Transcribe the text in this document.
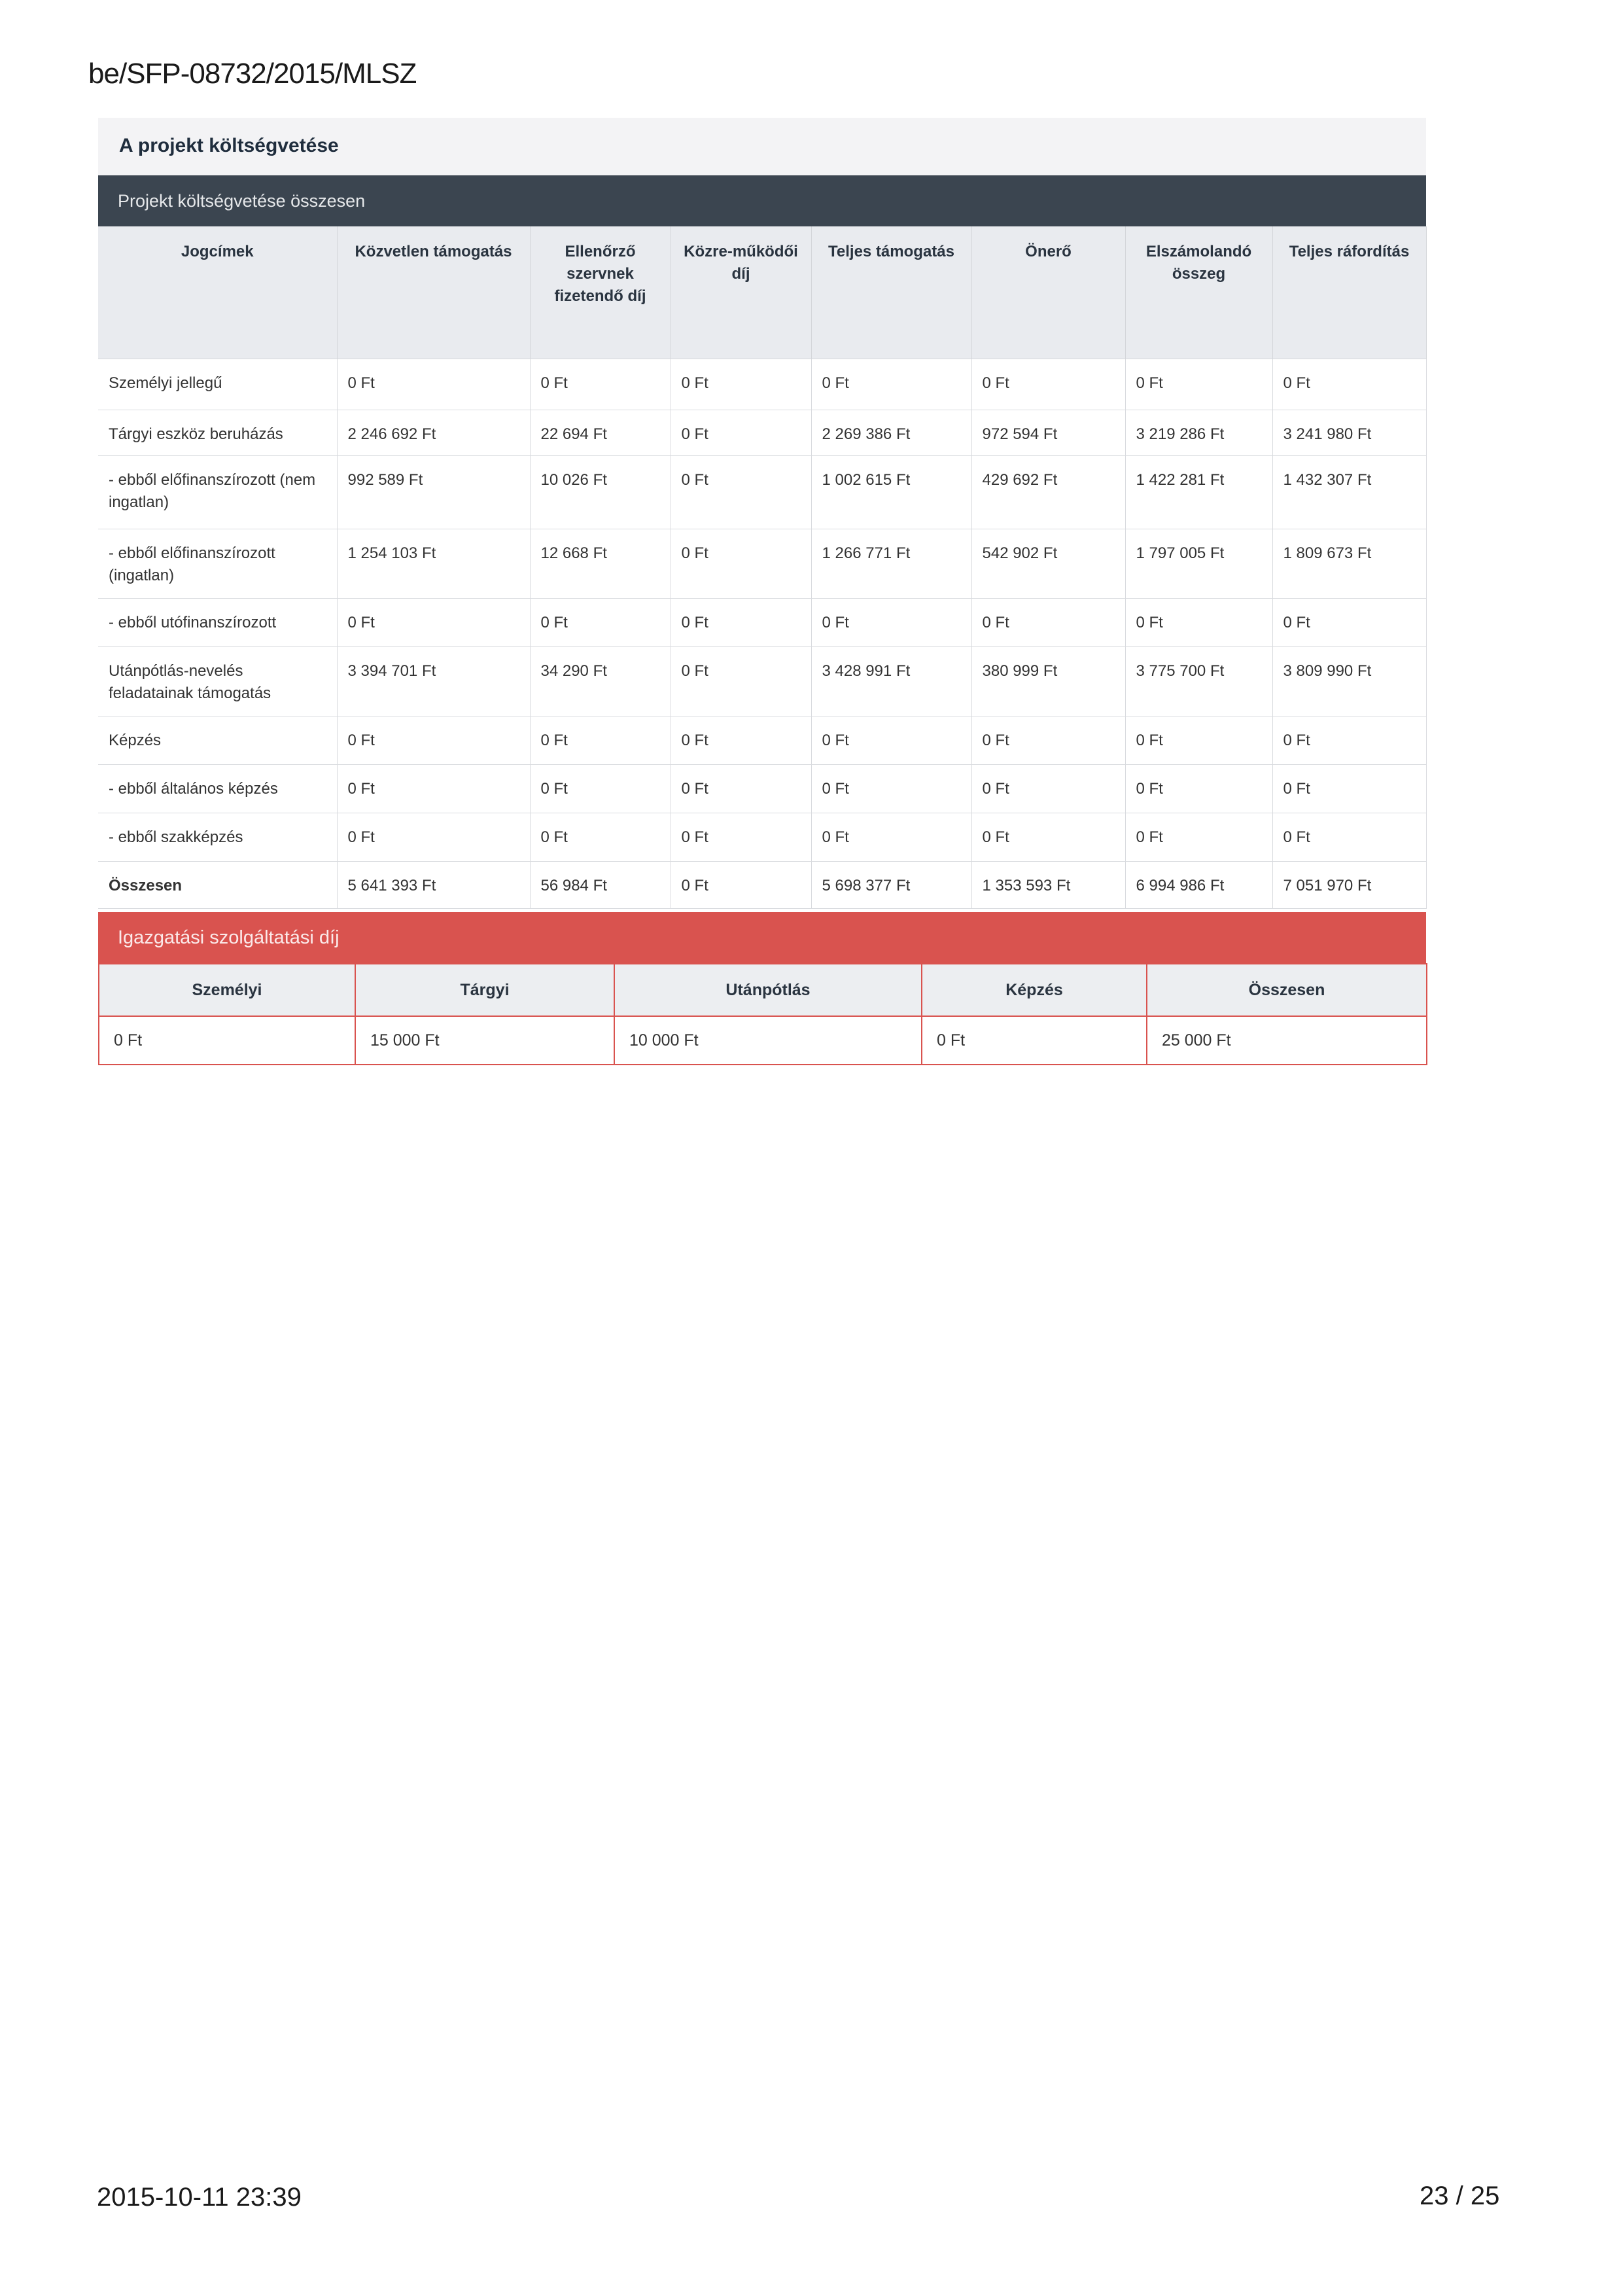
be/SFP-08732/2015/MLSZ
A projekt költségvetése
Projekt költségvetése összesen
Jogcímek	Közvetlen támogatás	Ellenőrző szervnek fizetendő díj	Közre-működői díj	Teljes támogatás	Önerő	Elszámolandó összeg	Teljes ráfordítás
Személyi jellegű	0 Ft	0 Ft	0 Ft	0 Ft	0 Ft	0 Ft	0 Ft
Tárgyi eszköz beruházás	2 246 692 Ft	22 694 Ft	0 Ft	2 269 386 Ft	972 594 Ft	3 219 286 Ft	3 241 980 Ft
- ebből előfinanszírozott (nem ingatlan)	992 589 Ft	10 026 Ft	0 Ft	1 002 615 Ft	429 692 Ft	1 422 281 Ft	1 432 307 Ft
- ebből előfinanszírozott (ingatlan)	1 254 103 Ft	12 668 Ft	0 Ft	1 266 771 Ft	542 902 Ft	1 797 005 Ft	1 809 673 Ft
- ebből utófinanszírozott	0 Ft	0 Ft	0 Ft	0 Ft	0 Ft	0 Ft	0 Ft
Utánpótlás-nevelés feladatainak támogatás	3 394 701 Ft	34 290 Ft	0 Ft	3 428 991 Ft	380 999 Ft	3 775 700 Ft	3 809 990 Ft
Képzés	0 Ft	0 Ft	0 Ft	0 Ft	0 Ft	0 Ft	0 Ft
- ebből általános képzés	0 Ft	0 Ft	0 Ft	0 Ft	0 Ft	0 Ft	0 Ft
- ebből szakképzés	0 Ft	0 Ft	0 Ft	0 Ft	0 Ft	0 Ft	0 Ft
Összesen	5 641 393 Ft	56 984 Ft	0 Ft	5 698 377 Ft	1 353 593 Ft	6 994 986 Ft	7 051 970 Ft
Igazgatási szolgáltatási díj
Személyi	Tárgyi	Utánpótlás	Képzés	Összesen
0 Ft	15 000 Ft	10 000 Ft	0 Ft	25 000 Ft
2015-10-11 23:39	23 / 25
